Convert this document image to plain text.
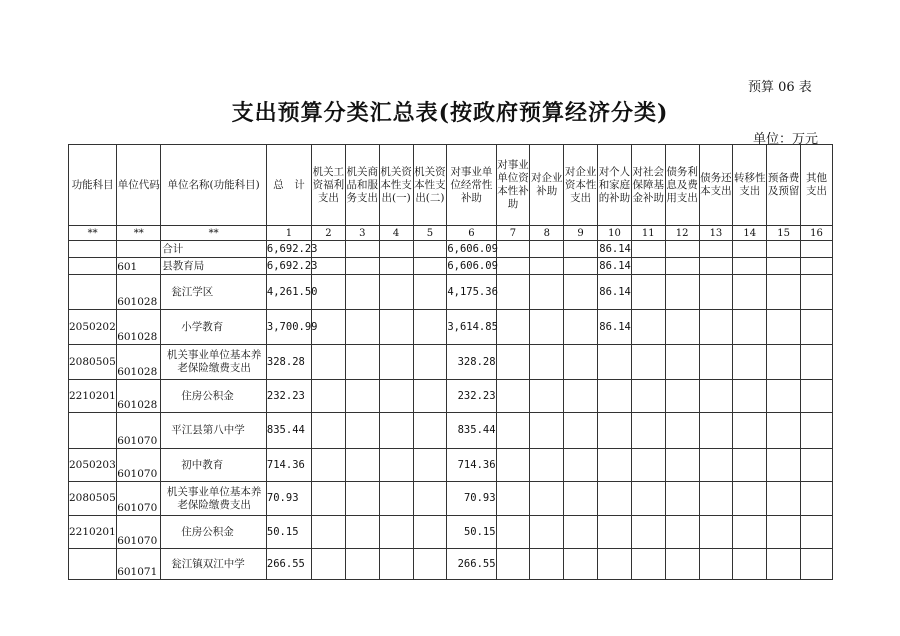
预算 06 表
支出预算分类汇总表(按政府预算经济分类)
单位：万元
功能科目	单位代码	单位名称(功能科目)	总　计	机关工资福利支出	机关商品和服务支出	机关资本性支出(一)	机关资本性支出(二)	对事业单位经常性补助	对事业单位资本性补助	对企业补助	对企业资本性支出	对个人和家庭的补助	对社会保障基金补助	债务利息及费用支出	债务还本支出	转移性支出	预备费及预留	其他支出
**	**	**	1	2	3	4	5	6	7	8	9	10	11	12	13	14	15	16
		合计	6,692.23					6,606.09				86.14						
	601	县教育局	6,692.23					6,606.09				86.14						
	601028	瓮江学区	4,261.50					4,175.36				86.14						
2050202	601028	小学教育	3,700.99					3,614.85				86.14						
2080505	601028	机关事业单位基本养老保险缴费支出	328.28					328.28										
2210201	601028	住房公积金	232.23					232.23										
	601070	平江县第八中学	835.44					835.44										
2050203	601070	初中教育	714.36					714.36										
2080505	601070	机关事业单位基本养老保险缴费支出	70.93					70.93										
2210201	601070	住房公积金	50.15					50.15										
	601071	瓮江镇双江中学	266.55					266.55										
